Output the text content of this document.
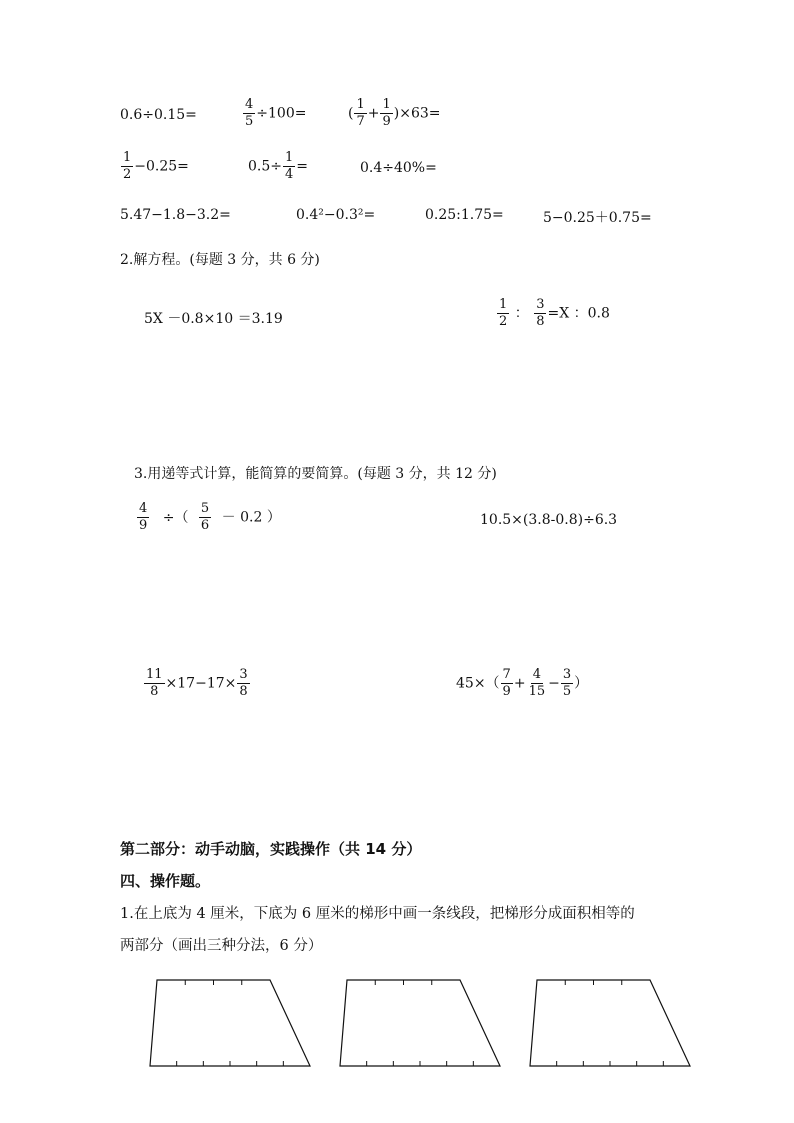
0.6÷0.15=	$\frac{4}{5} \div 100=$	( $\frac{1}{7} + \frac{1}{9} )\times 63=$
$\frac{1}{2} -0.25=$	$0.5\div \frac{1}{4}$ =	0.4÷40%=
5.47−1.8−3.2=	0.4²−0.3²=	0.25:1.75=	5−0.25＋0.75=
2.解方程。(每题 3 分，共 6 分)
5X －0.8×10 ＝3.19	$\frac{1}{2}$ ： $\frac{3}{8} =X$ ：0.8
3.用递等式计算，能简算的要简算。(每题 3 分，共 12 分)
$\frac{4}{9}$ ÷（ $\frac{5}{6} - 0.2$ ）	10.5×(3.8-0.8)÷6.3
$\frac{11}{8} \times 17-17\times \frac{3}{8}$	$45\times( \frac{7}{9} + \frac{4}{15} - \frac{3}{5}$ ）
第二部分：动手动脑，实践操作（共 14 分）
四、操作题。
1.在上底为 4 厘米，下底为 6 厘米的梯形中画一条线段，把梯形分成面积相等的
两部分（画出三种分法，6 分）
